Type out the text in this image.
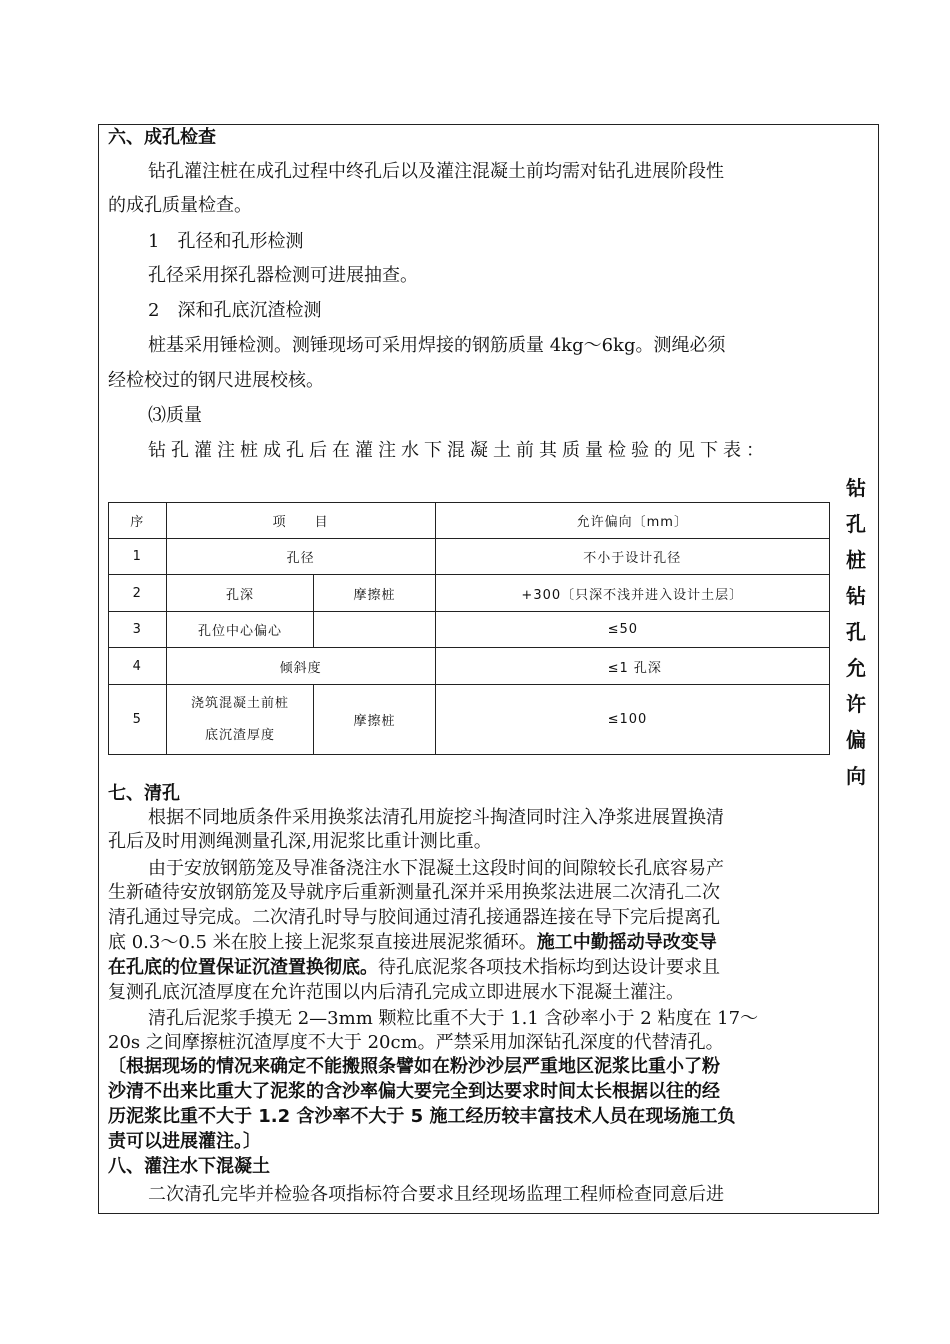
六、成孔检查
钻孔灌注桩在成孔过程中终孔后以及灌注混凝土前均需对钻孔进展阶段性
的成孔质量检查。
1　孔径和孔形检测
孔径采用探孔器检测可进展抽查。
2　深和孔底沉渣检测
桩基采用锤检测。测锤现场可采用焊接的钢筋质量 4kg～6kg。测绳必须
经检校过的钢尺进展校核。
⑶质量
钻孔灌注桩成孔后在灌注水下混凝土前其质量检验的见下表：
钻
孔
桩
钻
孔
允
许
偏
向
序	项　　目		允许偏向〔mm〕
1	孔径		不小于设计孔径
2	孔深	摩擦桩	+300〔只深不浅并进入设计土层〕
3	孔位中心偏心		≤50
4	倾斜度		≤1 孔深
5	浇筑混凝土前桩
底沉渣厚度	摩擦桩	≤100
七、清孔
根据不同地质条件采用换浆法清孔用旋挖斗掏渣同时注入净浆进展置换清
孔后及时用测绳测量孔深,用泥浆比重计测比重。
由于安放钢筋笼及导准备浇注水下混凝土这段时间的间隙较长孔底容易产
生新碴待安放钢筋笼及导就序后重新测量孔深并采用换浆法进展二次清孔二次
清孔通过导完成。二次清孔时导与胶间通过清孔接通器连接在导下完后提离孔
底 0.3～0.5 米在胶上接上泥浆泵直接进展泥浆循环。施工中勤摇动导改变导
在孔底的位置保证沉渣置换彻底。待孔底泥浆各项技术指标均到达设计要求且
复测孔底沉渣厚度在允许范围以内后清孔完成立即进展水下混凝土灌注。
清孔后泥浆手摸无 2—3mm 颗粒比重不大于 1.1 含砂率小于 2 粘度在 17～
20s 之间摩擦桩沉渣厚度不大于 20cm。严禁采用加深钻孔深度的代替清孔。
〔根据现场的情况来确定不能搬照条譬如在粉沙沙层严重地区泥浆比重小了粉
沙清不出来比重大了泥浆的含沙率偏大要完全到达要求时间太长根据以往的经
历泥浆比重不大于 1.2 含沙率不大于 5 施工经历较丰富技术人员在现场施工负
责可以进展灌注。〕
八、灌注水下混凝土
二次清孔完毕并检验各项指标符合要求且经现场监理工程师检查同意后进
